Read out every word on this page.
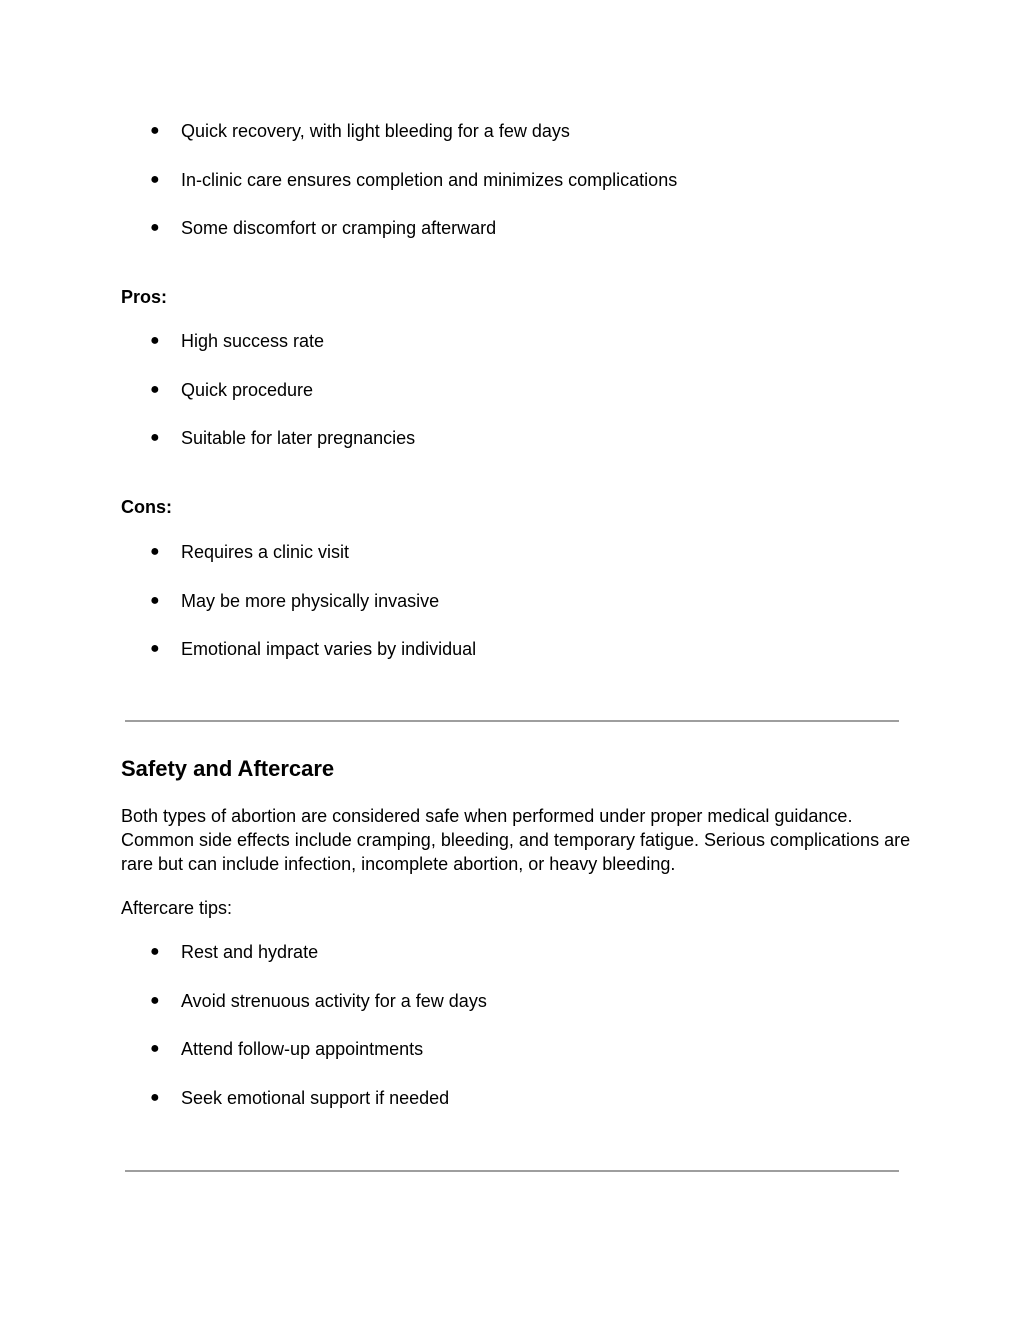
● Quick recovery, with light bleeding for a few days
● In-clinic care ensures completion and minimizes complications
● Some discomfort or cramping afterward

Pros:

● High success rate
● Quick procedure
● Suitable for later pregnancies

Cons:

● Requires a clinic visit
● May be more physically invasive
● Emotional impact varies by individual
Safety and Aftercare

Both types of abortion are considered safe when performed under proper medical guidance. Common side effects include cramping, bleeding, and temporary fatigue. Serious complications are rare but can include infection, incomplete abortion, or heavy bleeding.

Aftercare tips:

● Rest and hydrate
● Avoid strenuous activity for a few days
● Attend follow-up appointments
● Seek emotional support if needed
